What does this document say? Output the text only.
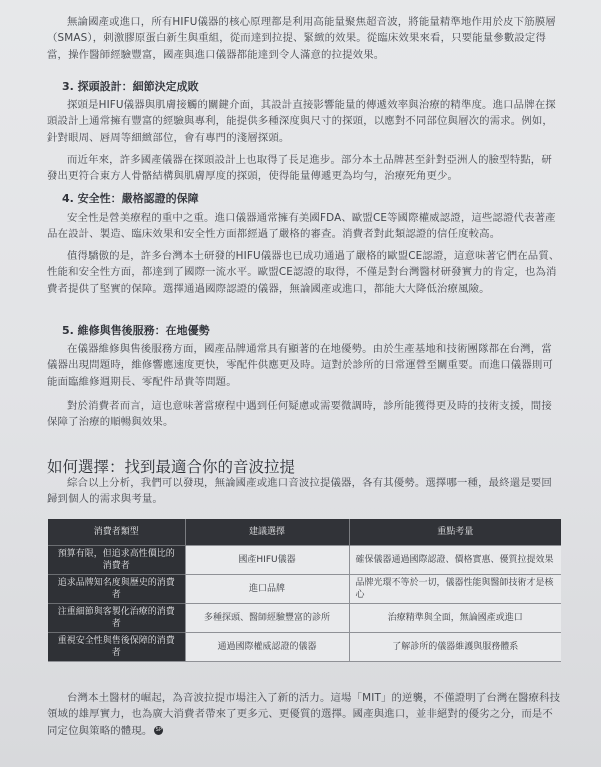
無論國產或進口，所有HIFU儀器的核心原理都是利用高能量聚焦超音波，將能量精準地作用於皮下筋膜層（SMAS），刺激膠原蛋白新生與重組，從而達到拉提、緊緻的效果。從臨床效果來看，只要能量參數設定得當，操作醫師經驗豐富，國產與進口儀器都能達到令人滿意的拉提效果。

3. 探頭設計：細節決定成敗

探頭是HIFU儀器與肌膚接觸的關鍵介面，其設計直接影響能量的傳遞效率與治療的精準度。進口品牌在探頭設計上通常擁有豐富的經驗與專利，能提供多種深度與尺寸的探頭，以應對不同部位與層次的需求。例如，針對眼周、唇周等細緻部位，會有專門的淺層探頭。

而近年來，許多國產儀器在探頭設計上也取得了長足進步。部分本土品牌甚至針對亞洲人的臉型特點，研發出更符合東方人骨骼結構與肌膚厚度的探頭，使得能量傳遞更為均勻，治療死角更少。

4. 安全性：嚴格認證的保障

安全性是營美療程的重中之重。進口儀器通常擁有美國FDA、歐盟CE等國際權威認證，這些認證代表著產品在設計、製造、臨床效果和安全性方面都經過了嚴格的審查。消費者對此類認證的信任度較高。

值得驕傲的是，許多台灣本土研發的HIFU儀器也已成功通過了嚴格的歐盟CE認證，這意味著它們在品質、性能和安全性方面，都達到了國際一流水平。歐盟CE認證的取得，不僅是對台灣醫材研發實力的肯定，也為消費者提供了堅實的保障。選擇通過國際認證的儀器，無論國產或進口，都能大大降低治療風險。

5. 維修與售後服務：在地優勢

在儀器維修與售後服務方面，國產品牌通常具有顯著的在地優勢。由於生產基地和技術團隊都在台灣，當儀器出現問題時，維修響應速度更快，零配件供應更及時。這對於診所的日常運營至關重要。而進口儀器則可能面臨維修週期長、零配件昂貴等問題。

對於消費者而言，這也意味著當療程中遇到任何疑慮或需要微調時，診所能獲得更及時的技術支援，間接保障了治療的順暢與效果。

如何選擇：找到最適合你的音波拉提

綜合以上分析，我們可以發現，無論國產或進口音波拉提儀器，各有其優勢。選擇哪一種，最終還是要回歸到個人的需求與考量。

消費者類型	建議選擇	重點考量
預算有限，但追求高性價比的消費者	國產HIFU儀器	確保儀器通過國際認證、價格實惠、優質拉提效果
追求品牌知名度與歷史的消費者	進口品牌	品牌光環不等於一切，儀器性能與醫師技術才是核心
注重細節與客製化治療的消費者	多種探頭、醫師經驗豐富的診所	治療精準與全面，無論國產或進口
重視安全性與售後保障的消費者	通過國際權威認證的儀器	了解診所的儀器維護與服務體系

台灣本土醫材的崛起，為音波拉提市場注入了新的活力。這場「MIT」的逆襲，不僅證明了台灣在醫療科技領域的雄厚實力，也為廣大消費者帶來了更多元、更優質的選擇。國產與進口，並非絕對的優劣之分，而是不同定位與策略的體現。 SP
